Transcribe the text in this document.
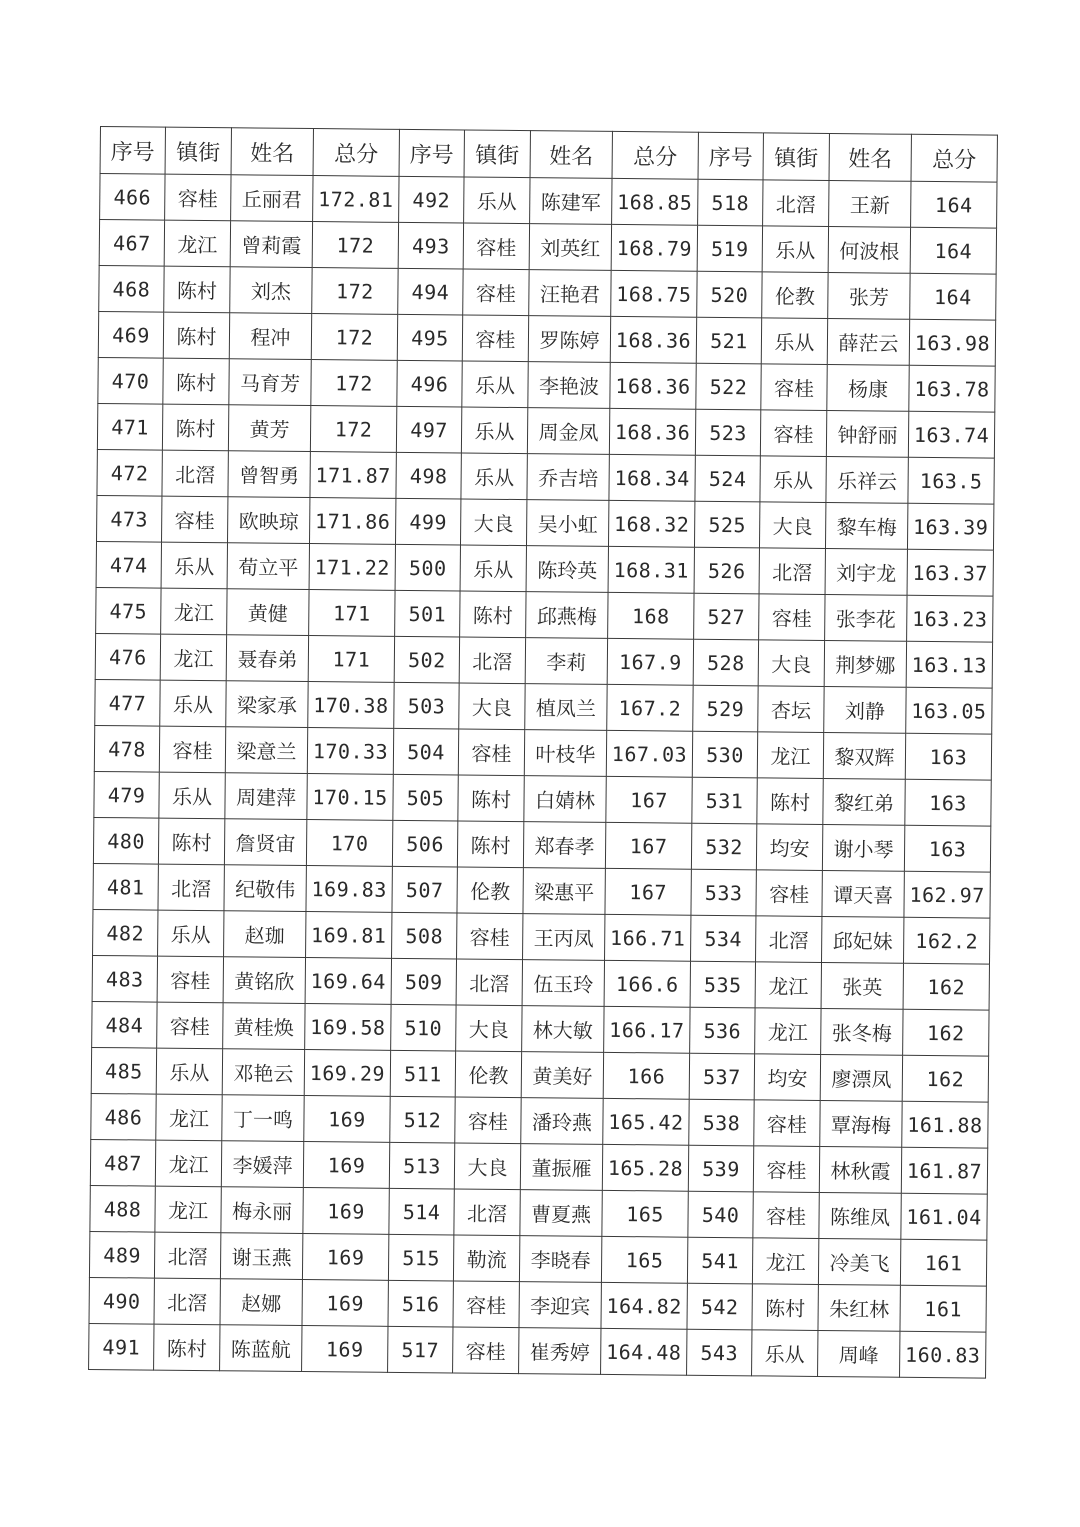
序号	镇街	姓名	总分	序号	镇街	姓名	总分	序号	镇街	姓名	总分
466	容桂	丘丽君	172.81	492	乐从	陈建军	168.85	518	北滘	王新	164
467	龙江	曾莉霞	172	493	容桂	刘英红	168.79	519	乐从	何波根	164
468	陈村	刘杰	172	494	容桂	汪艳君	168.75	520	伦教	张芳	164
469	陈村	程冲	172	495	容桂	罗陈婷	168.36	521	乐从	薛茫云	163.98
470	陈村	马育芳	172	496	乐从	李艳波	168.36	522	容桂	杨康	163.78
471	陈村	黄芳	172	497	乐从	周金凤	168.36	523	容桂	钟舒丽	163.74
472	北滘	曾智勇	171.87	498	乐从	乔吉培	168.34	524	乐从	乐祥云	163.5
473	容桂	欧映琼	171.86	499	大良	吴小虹	168.32	525	大良	黎车梅	163.39
474	乐从	荀立平	171.22	500	乐从	陈玲英	168.31	526	北滘	刘宇龙	163.37
475	龙江	黄健	171	501	陈村	邱燕梅	168	527	容桂	张李花	163.23
476	龙江	聂春弟	171	502	北滘	李莉	167.9	528	大良	荆梦娜	163.13
477	乐从	梁家承	170.38	503	大良	植凤兰	167.2	529	杏坛	刘静	163.05
478	容桂	梁意兰	170.33	504	容桂	叶枝华	167.03	530	龙江	黎双辉	163
479	乐从	周建萍	170.15	505	陈村	白婧林	167	531	陈村	黎红弟	163
480	陈村	詹贤宙	170	506	陈村	郑春孝	167	532	均安	谢小琴	163
481	北滘	纪敬伟	169.83	507	伦教	梁惠平	167	533	容桂	谭天喜	162.97
482	乐从	赵珈	169.81	508	容桂	王丙凤	166.71	534	北滘	邱妃妹	162.2
483	容桂	黄铭欣	169.64	509	北滘	伍玉玲	166.6	535	龙江	张英	162
484	容桂	黄桂焕	169.58	510	大良	林大敏	166.17	536	龙江	张冬梅	162
485	乐从	邓艳云	169.29	511	伦教	黄美好	166	537	均安	廖漂凤	162
486	龙江	丁一鸣	169	512	容桂	潘玲燕	165.42	538	容桂	覃海梅	161.88
487	龙江	李媛萍	169	513	大良	董振雁	165.28	539	容桂	林秋霞	161.87
488	龙江	梅永丽	169	514	北滘	曹夏燕	165	540	容桂	陈维凤	161.04
489	北滘	谢玉燕	169	515	勒流	李晓春	165	541	龙江	冷美飞	161
490	北滘	赵娜	169	516	容桂	李迎宾	164.82	542	陈村	朱红林	161
491	陈村	陈蓝航	169	517	容桂	崔秀婷	164.48	543	乐从	周峰	160.83
